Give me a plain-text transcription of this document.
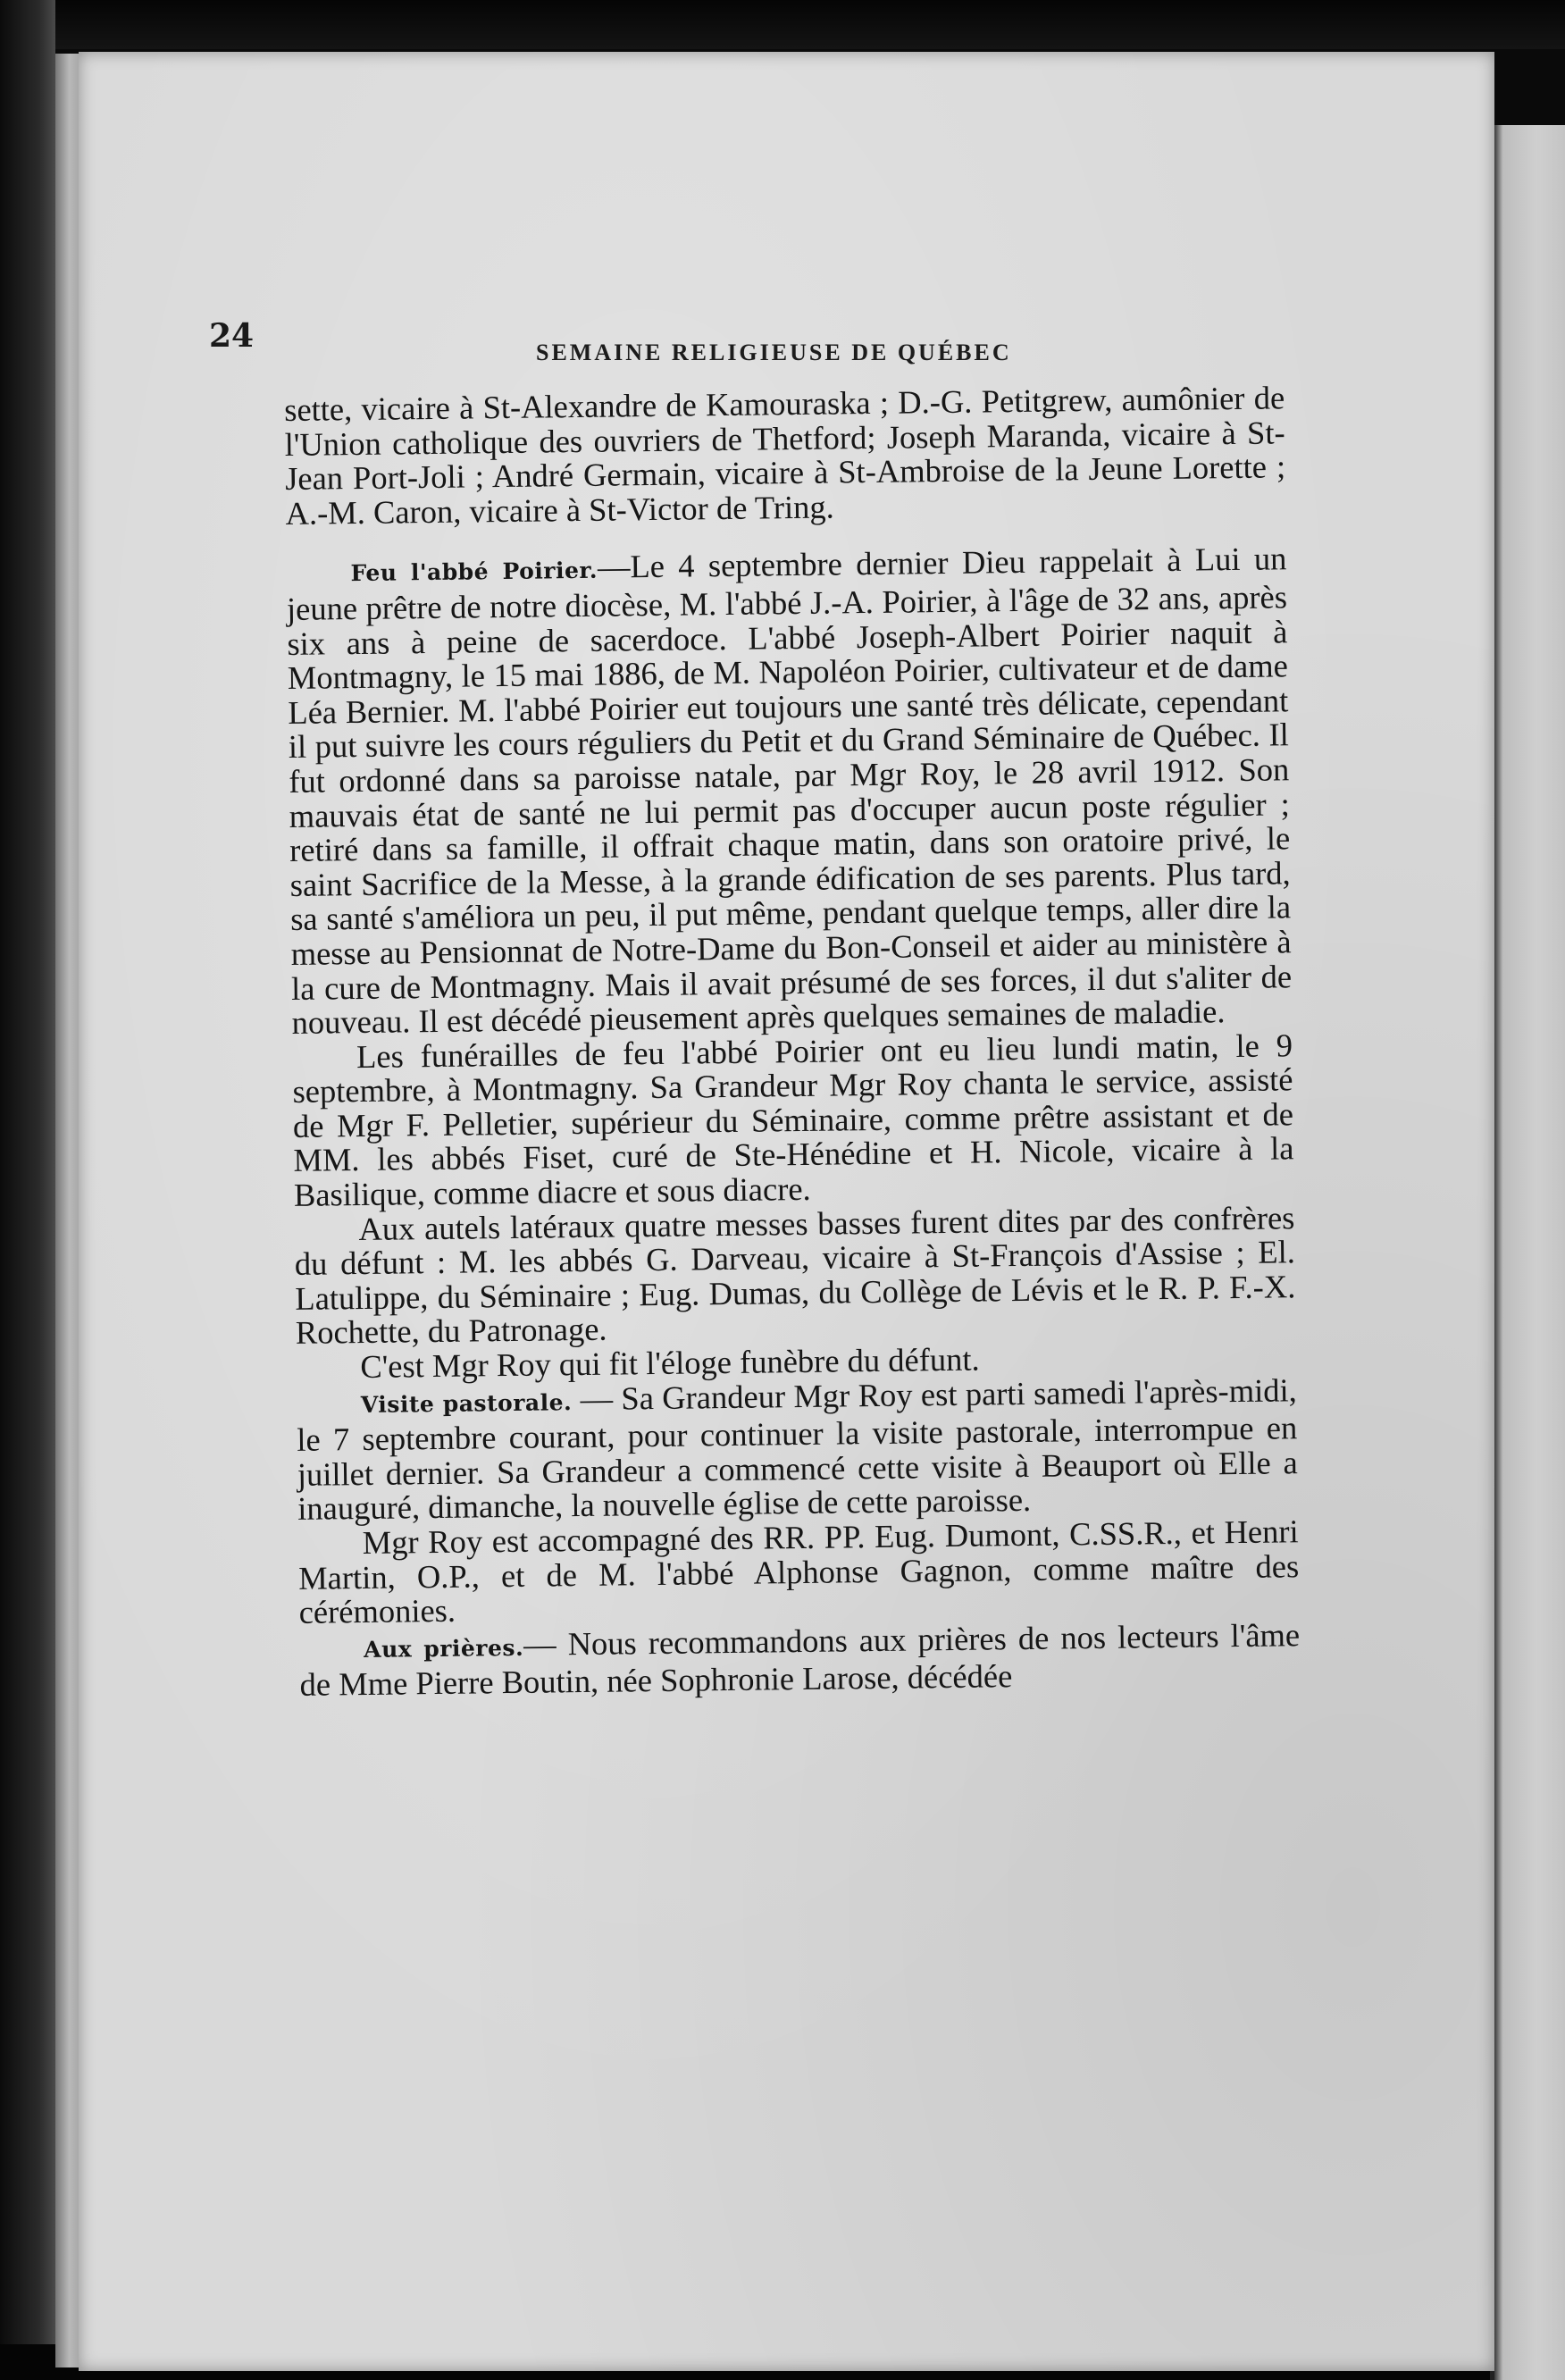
24	SEMAINE RELIGIEUSE DE QUÉBEC

sette, vicaire à St-Alexandre de Kamouraska ; D.-G. Petitgrew, aumônier de l'Union catholique des ouvriers de Thetford; Joseph Maranda, vicaire à St-Jean Port-Joli ; André Germain, vicaire à St-Ambroise de la Jeune Lorette ; A.-M. Caron, vicaire à St-Victor de Tring.

Feu l'abbé Poirier.—Le 4 septembre dernier Dieu rappelait à Lui un jeune prêtre de notre diocèse, M. l'abbé J.-A. Poirier, à l'âge de 32 ans, après six ans à peine de sacerdoce. L'abbé Joseph-Albert Poirier naquit à Montmagny, le 15 mai 1886, de M. Napoléon Poirier, cultivateur et de dame Léa Bernier. M. l'abbé Poirier eut toujours une santé très délicate, cependant il put suivre les cours réguliers du Petit et du Grand Séminaire de Québec. Il fut ordonné dans sa paroisse natale, par Mgr Roy, le 28 avril 1912. Son mauvais état de santé ne lui permit pas d'occuper aucun poste régulier ; retiré dans sa famille, il offrait chaque matin, dans son oratoire privé, le saint Sacrifice de la Messe, à la grande édification de ses parents. Plus tard, sa santé s'améliora un peu, il put même, pendant quelque temps, aller dire la messe au Pensionnat de Notre-Dame du Bon-Conseil et aider au ministère à la cure de Montmagny. Mais il avait présumé de ses forces, il dut s'aliter de nouveau. Il est décédé pieusement après quelques semaines de maladie.

Les funérailles de feu l'abbé Poirier ont eu lieu lundi matin, le 9 septembre, à Montmagny. Sa Grandeur Mgr Roy chanta le service, assisté de Mgr F. Pelletier, supérieur du Séminaire, comme prêtre assistant et de MM. les abbés Fiset, curé de Ste-Hénédine et H. Nicole, vicaire à la Basilique, comme diacre et sous diacre.

Aux autels latéraux quatre messes basses furent dites par des confrères du défunt : M. les abbés G. Darveau, vicaire à St-François d'Assise ; El. Latulippe, du Séminaire ; Eug. Dumas, du Collège de Lévis et le R. P. F.-X. Rochette, du Patronage.

C'est Mgr Roy qui fit l'éloge funèbre du défunt.

Visite pastorale. — Sa Grandeur Mgr Roy est parti samedi l'après-midi, le 7 septembre courant, pour continuer la visite pastorale, interrompue en juillet dernier. Sa Grandeur a commencé cette visite à Beauport où Elle a inauguré, dimanche, la nouvelle église de cette paroisse.

Mgr Roy est accompagné des RR. PP. Eug. Dumont, C.SS.R., et Henri Martin, O.P., et de M. l'abbé Alphonse Gagnon, comme maître des cérémonies.

Aux prières.— Nous recommandons aux prières de nos lecteurs l'âme de Mme Pierre Boutin, née Sophronie Larose, décédée
